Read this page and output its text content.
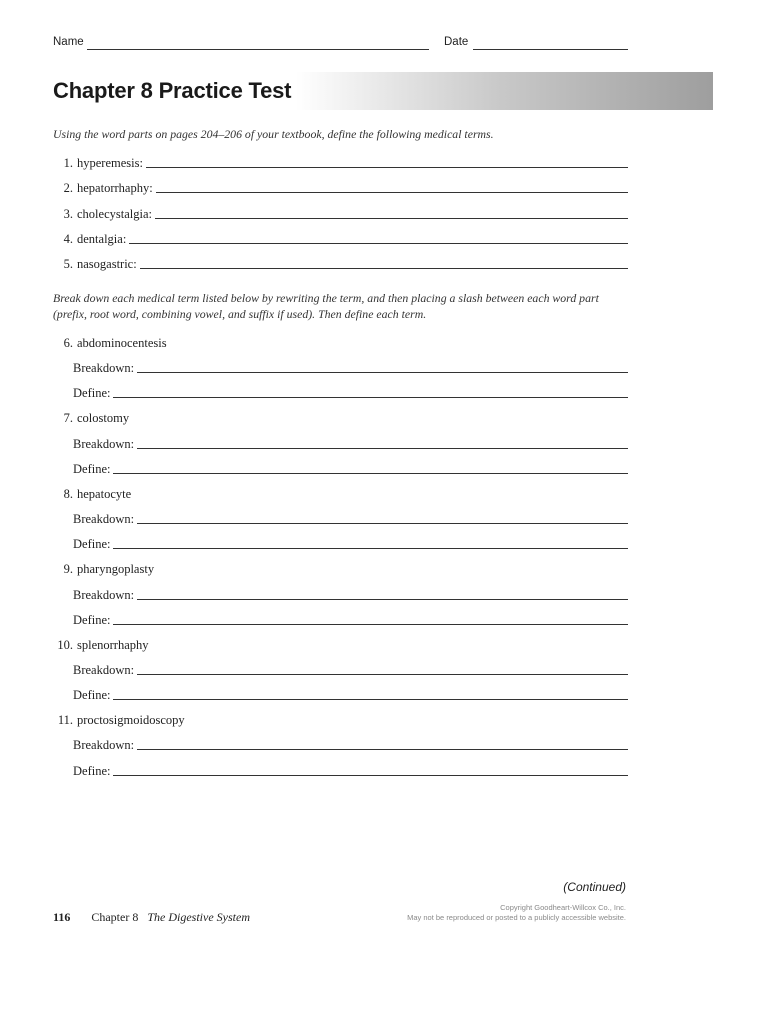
Name	Date
Chapter 8 Practice Test
Using the word parts on pages 204–206 of your textbook, define the following medical terms.
1. hyperemesis:
2. hepatorrhaphy:
3. cholecystalgia:
4. dentalgia:
5. nasogastric:
Break down each medical term listed below by rewriting the term, and then placing a slash between each word part (prefix, root word, combining vowel, and suffix if used). Then define each term.
6. abdominocentesis
Breakdown:
Define:
7. colostomy
Breakdown:
Define:
8. hepatocyte
Breakdown:
Define:
9. pharyngoplasty
Breakdown:
Define:
10. splenorrhaphy
Breakdown:
Define:
11. proctosigmoidoscopy
Breakdown:
Define:
(Continued)
116 Chapter 8 The Digestive System
Copyright Goodheart-Willcox Co., Inc.
May not be reproduced or posted to a publicly accessible website.
